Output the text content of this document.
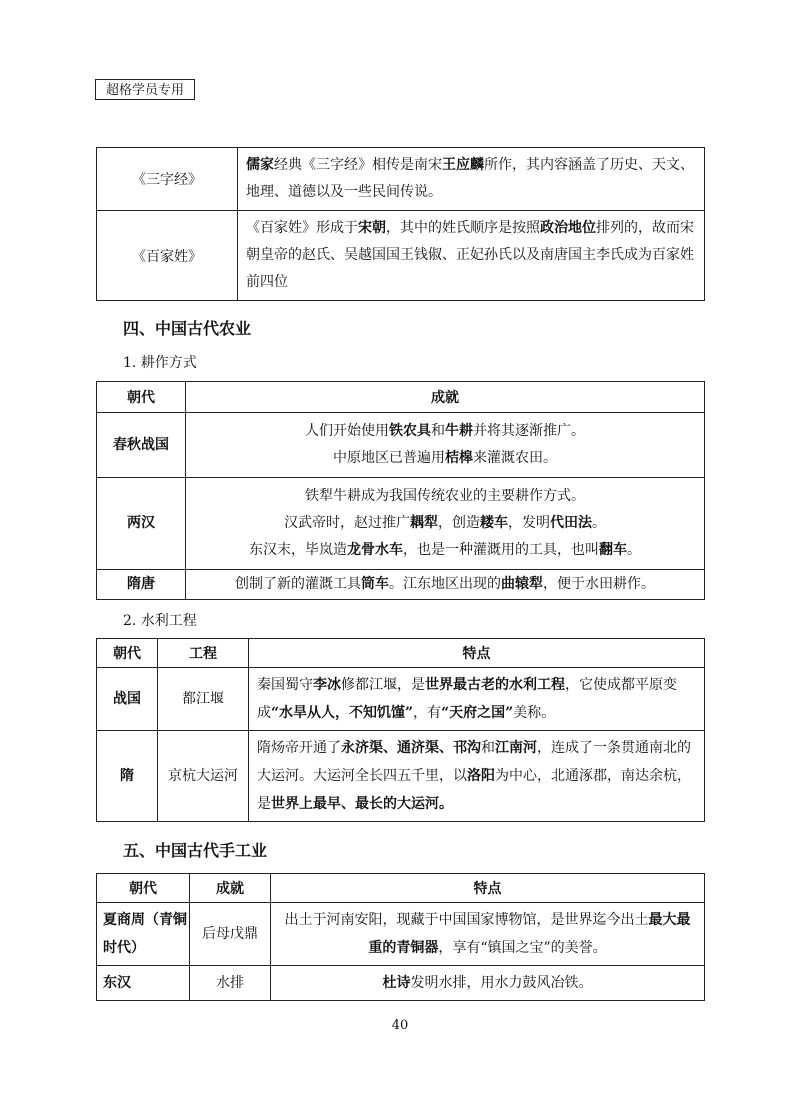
超格学员专用
《三字经》	儒家经典《三字经》相传是南宋王应麟所作，其内容涵盖了历史、天文、地理、道德以及一些民间传说。
《百家姓》	《百家姓》形成于宋朝，其中的姓氏顺序是按照政治地位排列的，故而宋朝皇帝的赵氏、吴越国国王钱俶、正妃孙氏以及南唐国主李氏成为百家姓前四位
四、中国古代农业
1. 耕作方式
朝代	成就
春秋战国	人们开始使用铁农具和牛耕并将其逐渐推广。
中原地区已普遍用桔槔来灌溉农田。

两汉	铁犁牛耕成为我国传统农业的主要耕作方式。
汉武帝时，赵过推广耦犁，创造耧车，发明代田法。
东汉末，毕岚造龙骨水车，也是一种灌溉用的工具，也叫翻车。

隋唐	创制了新的灌溉工具筒车。江东地区出现的曲辕犁，便于水田耕作。
2. 水利工程
朝代	工程	特点
战国	都江堰	秦国蜀守李冰修都江堰，是世界最古老的水利工程，它使成都平原变成“水旱从人，不知饥馑”，有“天府之国”美称。
隋	京杭大运河	隋炀帝开通了永济渠、通济渠、邗沟和江南河，连成了一条贯通南北的大运河。大运河全长四五千里，以洛阳为中心，北通涿郡，南达余杭，是世界上最早、最长的大运河。
五、中国古代手工业
朝代	成就	特点
夏商周（青铜时代）	后母戊鼎	出土于河南安阳，现藏于中国国家博物馆，是世界迄今出土最大最重的青铜器，享有“镇国之宝”的美誉。
东汉	水排	杜诗发明水排，用水力鼓风冶铁。
40
